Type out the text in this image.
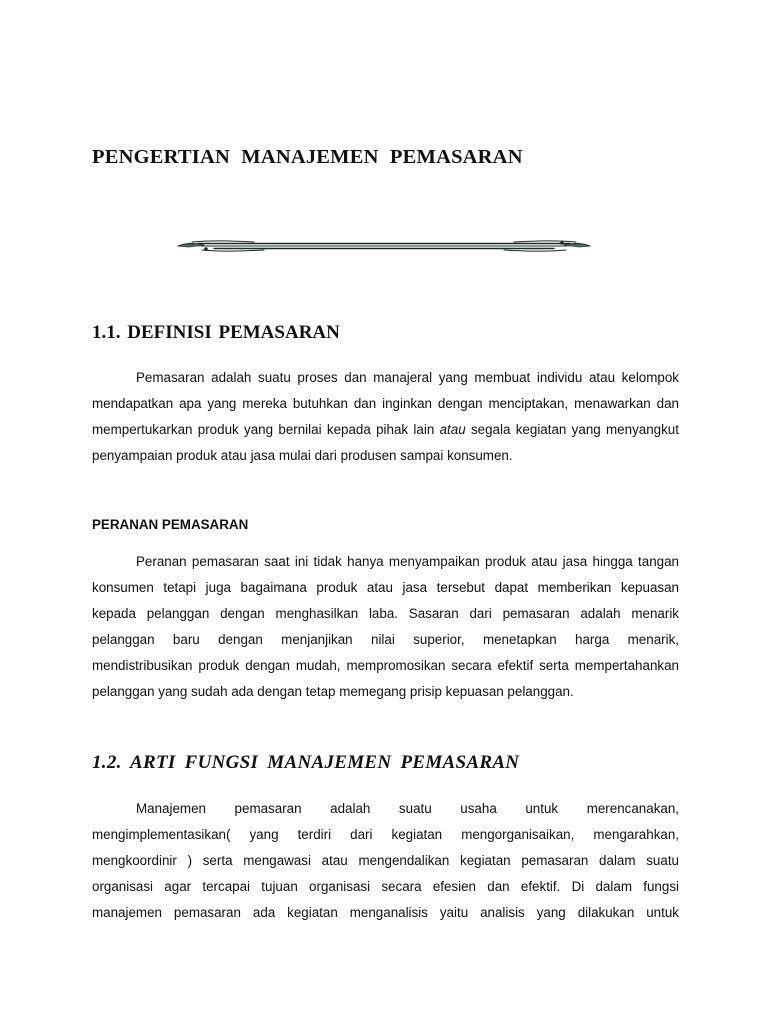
PENGERTIAN MANAJEMEN PEMASARAN
1.1. DEFINISI PEMASARAN

Pemasaran adalah suatu proses dan manajeral yang membuat individu atau kelompok
mendapatkan apa yang mereka butuhkan dan inginkan dengan menciptakan, menawarkan dan
mempertukarkan produk yang bernilai kepada pihak lain atau segala kegiatan yang menyangkut
penyampaian produk atau jasa mulai dari produsen sampai konsumen.

PERANAN PEMASARAN

Peranan pemasaran saat ini tidak hanya menyampaikan produk atau jasa hingga tangan
konsumen tetapi juga bagaimana produk atau jasa tersebut dapat memberikan kepuasan
kepada pelanggan dengan menghasilkan laba. Sasaran dari pemasaran adalah menarik
pelanggan baru dengan menjanjikan nilai superior, menetapkan harga menarik,
mendistribusikan produk dengan mudah, mempromosikan secara efektif serta mempertahankan
pelanggan yang sudah ada dengan tetap memegang prisip kepuasan pelanggan.

1.2. ARTI FUNGSI MANAJEMEN PEMASARAN

Manajemen pemasaran adalah suatu usaha untuk merencanakan,
mengimplementasikan( yang terdiri dari kegiatan mengorganisaikan, mengarahkan,
mengkoordinir ) serta mengawasi atau mengendalikan kegiatan pemasaran dalam suatu
organisasi agar tercapai tujuan organisasi secara efesien dan efektif. Di dalam fungsi
manajemen pemasaran ada kegiatan menganalisis yaitu analisis yang dilakukan untuk
